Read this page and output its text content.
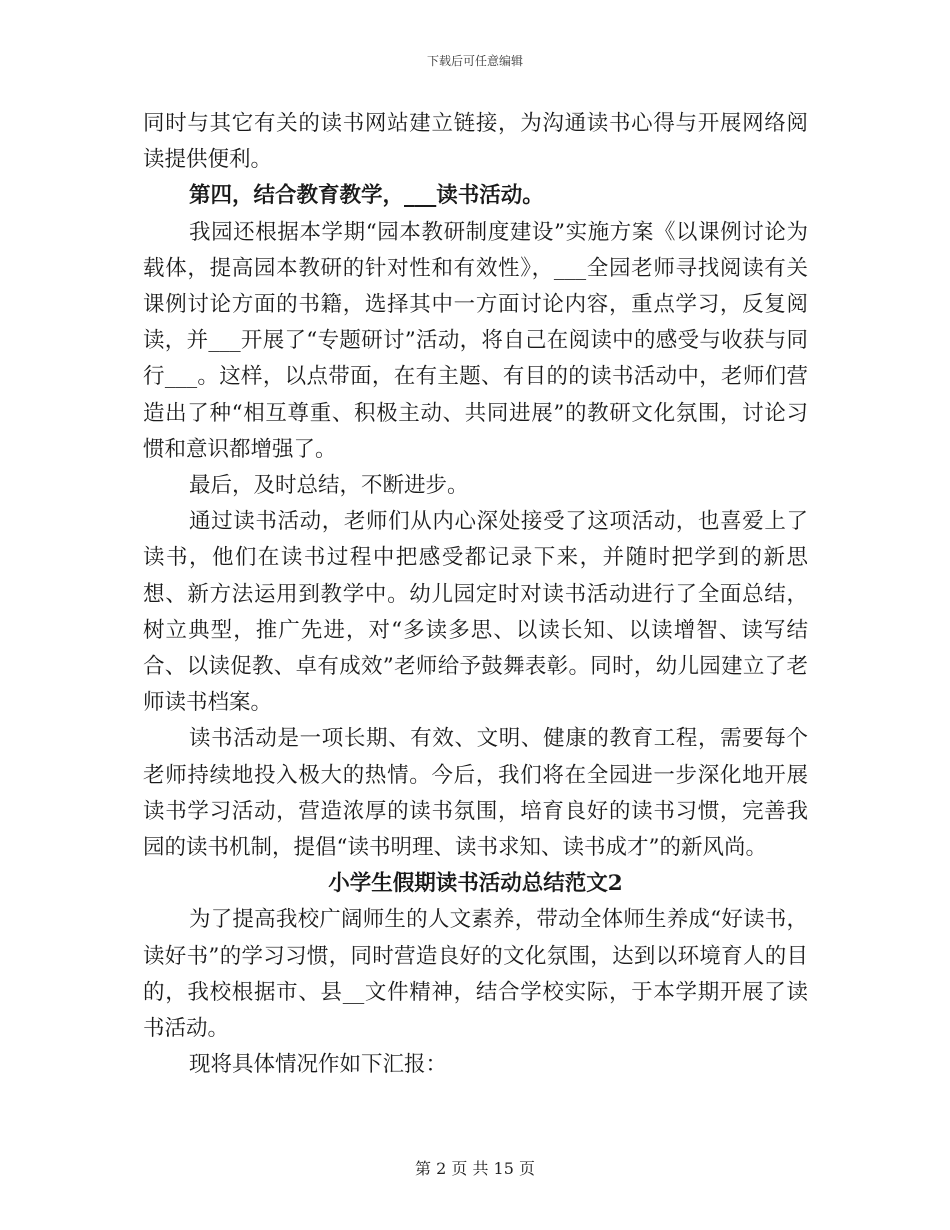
下载后可任意编辑

同时与其它有关的读书网站建立链接，为沟通读书心得与开展网络阅读提供便利。

第四，结合教育教学，___读书活动。

我园还根据本学期“园本教研制度建设”实施方案《以课例讨论为载体，提高园本教研的针对性和有效性》，___全园老师寻找阅读有关课例讨论方面的书籍，选择其中一方面讨论内容，重点学习，反复阅读，并___开展了“专题研讨”活动，将自己在阅读中的感受与收获与同行___。这样，以点带面，在有主题、有目的的读书活动中，老师们营造出了种“相互尊重、积极主动、共同进展”的教研文化氛围，讨论习惯和意识都增强了。

最后，及时总结，不断进步。

通过读书活动，老师们从内心深处接受了这项活动，也喜爱上了读书，他们在读书过程中把感受都记录下来，并随时把学到的新思想、新方法运用到教学中。幼儿园定时对读书活动进行了全面总结，树立典型，推广先进，对“多读多思、以读长知、以读增智、读写结合、以读促教、卓有成效”老师给予鼓舞表彰。同时，幼儿园建立了老师读书档案。

读书活动是一项长期、有效、文明、健康的教育工程，需要每个老师持续地投入极大的热情。今后，我们将在全园进一步深化地开展读书学习活动，营造浓厚的读书氛围，培育良好的读书习惯，完善我园的读书机制，提倡“读书明理、读书求知、读书成才”的新风尚。

小学生假期读书活动总结范文2

为了提高我校广阔师生的人文素养，带动全体师生养成“好读书，读好书”的学习习惯，同时营造良好的文化氛围，达到以环境育人的目的，我校根据市、县__文件精神，结合学校实际，于本学期开展了读书活动。

现将具体情况作如下汇报：

第 2 页 共 15 页
